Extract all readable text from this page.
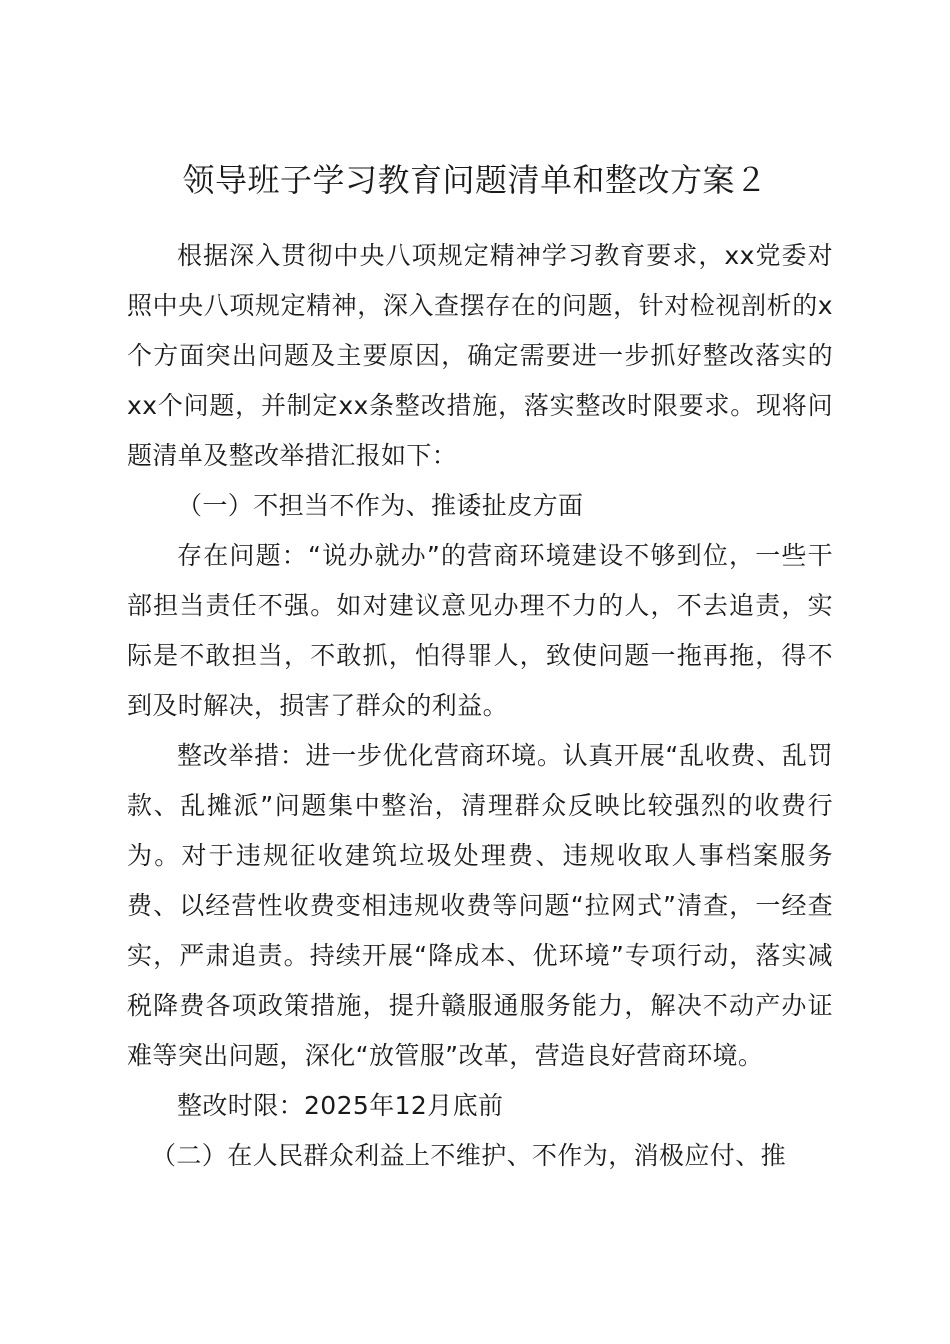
领导班子学习教育问题清单和整改方案２

根据深入贯彻中央八项规定精神学习教育要求，xx党委对照中央八项规定精神，深入查摆存在的问题，针对检视剖析的x个方面突出问题及主要原因，确定需要进一步抓好整改落实的xx个问题，并制定xx条整改措施，落实整改时限要求。现将问题清单及整改举措汇报如下：

（一）不担当不作为、推诿扯皮方面

存在问题：“说办就办”的营商环境建设不够到位，一些干部担当责任不强。如对建议意见办理不力的人，不去追责，实际是不敢担当，不敢抓，怕得罪人，致使问题一拖再拖，得不到及时解决，损害了群众的利益。

整改举措：进一步优化营商环境。认真开展“乱收费、乱罚款、乱摊派”问题集中整治，清理群众反映比较强烈的收费行为。对于违规征收建筑垃圾处理费、违规收取人事档案服务费、以经营性收费变相违规收费等问题“拉网式”清查，一经查实，严肃追责。持续开展“降成本、优环境”专项行动，落实减税降费各项政策措施，提升赣服通服务能力，解决不动产办证难等突出问题，深化“放管服”改革，营造良好营商环境。

整改时限：2025年12月底前

（二）在人民群众利益上不维护、不作为，消极应付、推
